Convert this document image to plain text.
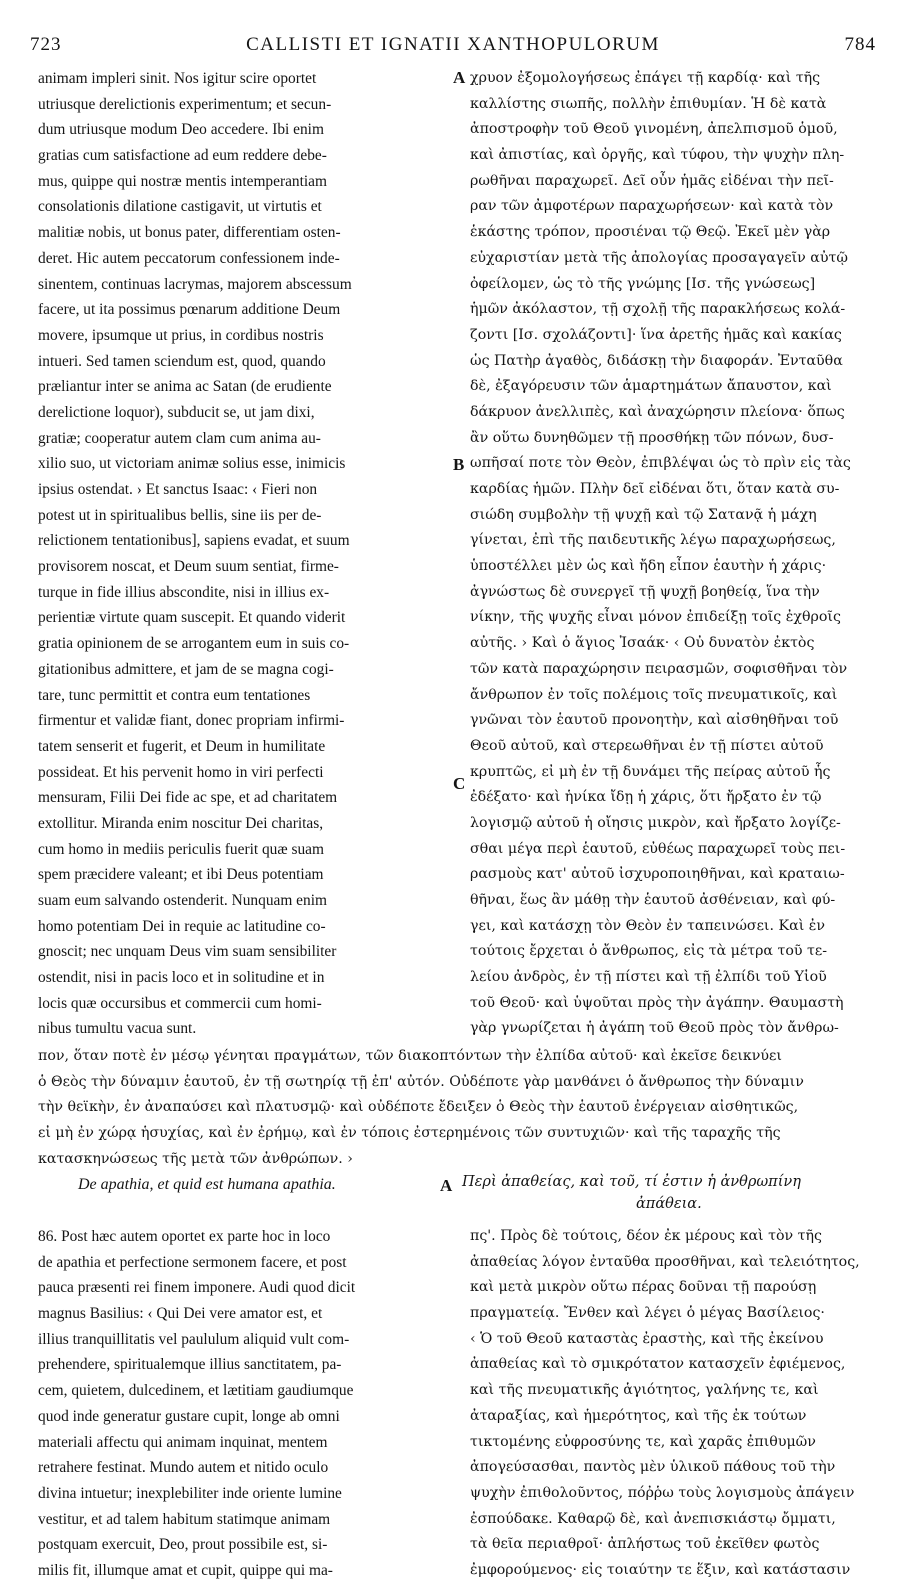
723	CALLISTI ET IGNATII XANTHOPULORUM	784
animam impleri sinit. Nos igitur scire oportet
utriusque derelictionis experimentum; et secun-
dum utriusque modum Deo accedere. Ibi enim
gratias cum satisfactione ad eum reddere debe-
mus, quippe qui nostræ mentis intemperantiam
consolationis dilatione castigavit, ut virtutis et
malitiæ nobis, ut bonus pater, differentiam osten-
deret. Hic autem peccatorum confessionem inde-
sinentem, continuas lacrymas, majorem abscessum
facere, ut ita possimus pœnarum additione Deum
movere, ipsumque ut prius, in cordibus nostris
intueri. Sed tamen sciendum est, quod, quando
præliantur inter se anima ac Satan (de erudiente
derelictione loquor), subducit se, ut jam dixi,
gratiæ; cooperatur autem clam cum anima au-
xilio suo, ut victoriam animæ solius esse, inimicis
ipsius ostendat. › Et sanctus Isaac: ‹ Fieri non
potest ut in spiritualibus bellis, sine iis per de-
relictionem tentationibus], sapiens evadat, et suum
provisorem noscat, et Deum suum sentiat, firme-
turque in fide illius abscondite, nisi in illius ex-
perientiæ virtute quam suscepit. Et quando viderit
gratia opinionem de se arrogantem eum in suis co-
gitationibus admittere, et jam de se magna cogi-
tare, tunc permittit et contra eum tentationes
firmentur et validæ fiant, donec propriam infirmi-
tatem senserit et fugerit, et Deum in humilitate
possideat. Et his pervenit homo in viri perfecti
mensuram, Filii Dei fide ac spe, et ad charitatem
extollitur. Miranda enim noscitur Dei charitas,
cum homo in mediis periculis fuerit quæ suam
spem præcidere valeant; et ibi Deus potentiam
suam eum salvando ostenderit. Nunquam enim
homo potentiam Dei in requie ac latitudine co-
gnoscit; nec unquam Deus vim suam sensibiliter
ostendit, nisi in pacis loco et in solitudine et in
locis quæ occursibus et commercii cum homi-
nibus tumultu vacua sunt.
χρυον ἐξομολογήσεως ἐπάγει τῇ καρδίᾳ· καὶ τῆς
καλλίστης σιωπῆς, πολλὴν ἐπιθυμίαν. Ἡ δὲ κατὰ
ἀποστροφὴν τοῦ Θεοῦ γινομένη, ἀπελπισμοῦ ὁμοῦ,
καὶ ἀπιστίας, καὶ ὀργῆς, καὶ τύφου, τὴν ψυχὴν πλη-
ρωθῆναι παραχωρεῖ. Δεῖ οὖν ἡμᾶς εἰδέναι τὴν πεῖ-
ραν τῶν ἀμφοτέρων παραχωρήσεων· καὶ κατὰ τὸν
ἑκάστης τρόπον, προσιέναι τῷ Θεῷ. Ἐκεῖ μὲν γὰρ
εὐχαριστίαν μετὰ τῆς ἀπολογίας προσαγαγεῖν αὐτῷ
ὀφείλομεν, ὡς τὸ τῆς γνώμης [Ισ. τῆς γνώσεως]
ἡμῶν ἀκόλαστον, τῇ σχολῇ τῆς παρακλήσεως κολά-
ζοντι [Ισ. σχολάζοντι]· ἵνα ἀρετῆς ἡμᾶς καὶ κακίας
ὡς Πατὴρ ἀγαθὸς, διδάσκῃ τὴν διαφοράν. Ἐνταῦθα
δὲ, ἐξαγόρευσιν τῶν ἁμαρτημάτων ἄπαυστον, καὶ
δάκρυον ἀνελλιπὲς, καὶ ἀναχώρησιν πλείονα· ὅπως
ἂν οὕτω δυνηθῶμεν τῇ προσθήκῃ τῶν πόνων, δυσ-
ωπῆσαί ποτε τὸν Θεὸν, ἐπιβλέψαι ὡς τὸ πρὶν εἰς τὰς
καρδίας ἡμῶν. Πλὴν δεῖ εἰδέναι ὅτι, ὅταν κατὰ συ-
σιώδη συμβολὴν τῇ ψυχῇ καὶ τῷ Σατανᾷ ἡ μάχη
γίνεται, ἐπὶ τῆς παιδευτικῆς λέγω παραχωρήσεως,
ὑποστέλλει μὲν ὡς καὶ ἤδη εἶπον ἑαυτὴν ἡ χάρις·
ἀγνώστως δὲ συνεργεῖ τῇ ψυχῇ βοηθείᾳ, ἵνα τὴν
νίκην, τῆς ψυχῆς εἶναι μόνον ἐπιδείξῃ τοῖς ἐχθροῖς
αὐτῆς. › Καὶ ὁ ἅγιος Ἰσαάκ· ‹ Οὐ δυνατὸν ἐκτὸς
τῶν κατὰ παραχώρησιν πειρασμῶν, σοφισθῆναι τὸν
ἄνθρωπον ἐν τοῖς πολέμοις τοῖς πνευματικοῖς, καὶ
γνῶναι τὸν ἑαυτοῦ προνοητὴν, καὶ αἰσθηθῆναι τοῦ
Θεοῦ αὐτοῦ, καὶ στερεωθῆναι ἐν τῇ πίστει αὐτοῦ
κρυπτῶς, εἰ μὴ ἐν τῇ δυνάμει τῆς πείρας αὐτοῦ ἧς
ἐδέξατο· καὶ ἡνίκα ἴδῃ ἡ χάρις, ὅτι ἤρξατο ἐν τῷ
λογισμῷ αὐτοῦ ἡ οἴησις μικρὸν, καὶ ἤρξατο λογίζε-
σθαι μέγα περὶ ἑαυτοῦ, εὐθέως παραχωρεῖ τοὺς πει-
ρασμοὺς κατ' αὐτοῦ ἰσχυροποιηθῆναι, καὶ κραταιω-
θῆναι, ἕως ἂν μάθῃ τὴν ἑαυτοῦ ἀσθένειαν, καὶ φύ-
γει, καὶ κατάσχῃ τὸν Θεὸν ἐν ταπεινώσει. Καὶ ἐν
τούτοις ἔρχεται ὁ ἄνθρωπος, εἰς τὰ μέτρα τοῦ τε-
λείου ἀνδρὸς, ἐν τῇ πίστει καὶ τῇ ἐλπίδι τοῦ Υἱοῦ
τοῦ Θεοῦ· καὶ ὑψοῦται πρὸς τὴν ἀγάπην. Θαυμαστὴ
γὰρ γνωρίζεται ἡ ἀγάπη τοῦ Θεοῦ πρὸς τὸν ἄνθρω-
A
B
C
πον, ὅταν ποτὲ ἐν μέσῳ γένηται πραγμάτων, τῶν διακοπτόντων τὴν ἐλπίδα αὐτοῦ· καὶ ἐκεῖσε δεικνύει
ὁ Θεὸς τὴν δύναμιν ἑαυτοῦ, ἐν τῇ σωτηρίᾳ τῇ ἐπ' αὐτόν. Οὐδέποτε γὰρ μανθάνει ὁ ἄνθρωπος τὴν δύναμιν
τὴν θεϊκὴν, ἐν ἀναπαύσει καὶ πλατυσμῷ· καὶ οὐδέποτε ἔδειξεν ὁ Θεὸς τὴν ἑαυτοῦ ἐνέργειαν αἰσθητικῶς,
εἰ μὴ ἐν χώρᾳ ἡσυχίας, καὶ ἐν ἐρήμῳ, καὶ ἐν τόποις ἐστερημένοις τῶν συντυχιῶν· καὶ τῆς ταραχῆς τῆς
κατασκηνώσεως τῆς μετὰ τῶν ἀνθρώπων. ›
De apathia, et quid est humana apathia.	A Περὶ ἀπαθείας, καὶ τοῦ, τί ἐστιν ἡ ἀνθρωπίνη
ἀπάθεια.
86. Post hæc autem oportet ex parte hoc in loco
de apathia et perfectione sermonem facere, et post
pauca præsenti rei finem imponere. Audi quod dicit
magnus Basilius: ‹ Qui Dei vere amator est, et
illius tranquillitatis vel paululum aliquid vult com-
prehendere, spiritualemque illius sanctitatem, pa-
cem, quietem, dulcedinem, et lætitiam gaudiumque
quod inde generatur gustare cupit, longe ab omni
materiali affectu qui animam inquinat, mentem
retrahere festinat. Mundo autem et nitido oculo
divina intuetur; inexplebiliter inde oriente lumine
vestitur, et ad talem habitum statimque animam
postquam exercuit, Deo, prout possibile est, si-
milis fit, illumque amat et cupit, quippe qui ma-
πς'. Πρὸς δὲ τούτοις, δέον ἐκ μέρους καὶ τὸν τῆς
ἀπαθείας λόγον ἐνταῦθα προσθῆναι, καὶ τελειότητος,
καὶ μετὰ μικρὸν οὕτω πέρας δοῦναι τῇ παρούσῃ
πραγματείᾳ. Ἔνθεν καὶ λέγει ὁ μέγας Βασίλειος·
‹ Ὁ τοῦ Θεοῦ καταστὰς ἐραστὴς, καὶ τῆς ἐκείνου
ἀπαθείας καὶ τὸ σμικρότατον κατασχεῖν ἐφιέμενος,
καὶ τῆς πνευματικῆς ἁγιότητος, γαλήνης τε, καὶ
ἀταραξίας, καὶ ἡμερότητος, καὶ τῆς ἐκ τούτων
τικτομένης εὐφροσύνης τε, καὶ χαρᾶς ἐπιθυμῶν
ἀπογεύσασθαι, παντὸς μὲν ὑλικοῦ πάθους τοῦ τὴν
ψυχὴν ἐπιθολοῦντος, πόῤῥω τοὺς λογισμοὺς ἀπάγειν
ἐσπούδακε. Καθαρῷ δὲ, καὶ ἀνεπισκιάστῳ ὄμματι,
τὰ θεῖα περιαθροῖ· ἀπλήστως τοῦ ἐκεῖθεν φωτὸς
ἐμφορούμενος· εἰς τοιαύτην τε ἕξιν, καὶ κατάστασιν
